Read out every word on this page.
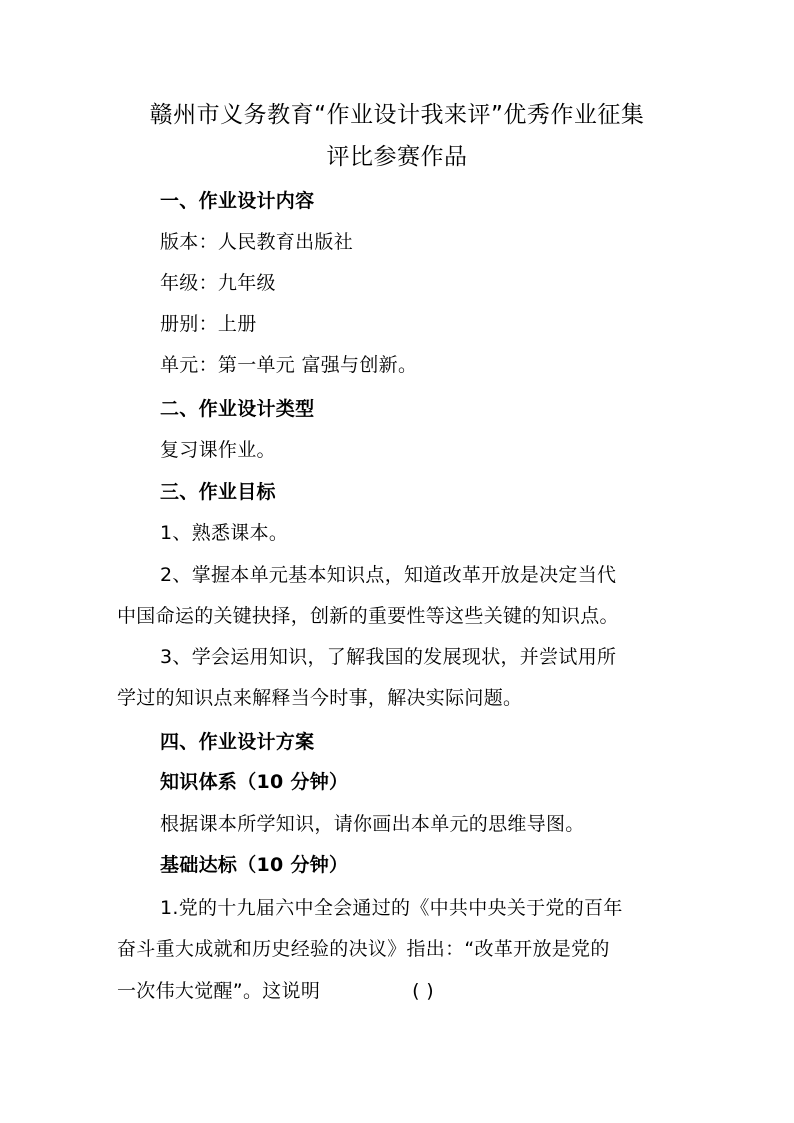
赣州市义务教育“作业设计我来评”优秀作业征集
评比参赛作品
一、作业设计内容
版本：人民教育出版社
年级：九年级
册别：上册
单元：第一单元 富强与创新。
二、作业设计类型
复习课作业。
三、作业目标
1、熟悉课本。
2、掌握本单元基本知识点，知道改革开放是决定当代
中国命运的关键抉择，创新的重要性等这些关键的知识点。
3、学会运用知识，了解我国的发展现状，并尝试用所
学过的知识点来解释当今时事，解决实际问题。
四、作业设计方案
知识体系（10 分钟）
根据课本所学知识，请你画出本单元的思维导图。
基础达标（10 分钟）
1.党的十九届六中全会通过的《中共中央关于党的百年
奋斗重大成就和历史经验的决议》指出：“改革开放是党的
一次伟大觉醒”。这说明	( )
